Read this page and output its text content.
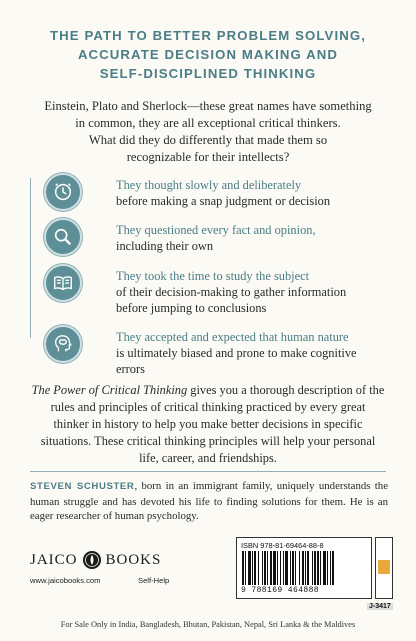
THE PATH TO BETTER PROBLEM SOLVING,
ACCURATE DECISION MAKING AND
SELF-DISCIPLINED THINKING
Einstein, Plato and Sherlock—these great names have something
in common, they are all exceptional critical thinkers.
What did they do differently that made them so
recognizable for their intellects?
They thought slowly and deliberately
before making a snap judgment or decision
They questioned every fact and opinion,
including their own
They took the time to study the subject
of their decision-making to gather information
before jumping to conclusions
They accepted and expected that human nature
is ultimately biased and prone to make cognitive errors
The Power of Critical Thinking gives you a thorough description of the
rules and principles of critical thinking practiced by every great
thinker in history to help you make better decisions in specific
situations. These critical thinking principles will help your personal
life, career, and friendships.
STEVEN SCHUSTER, born in an immigrant family, uniquely understands the human struggle and has devoted his life to finding solutions for them. He is an eager researcher of human psychology.
JAICO BOOKS
www.jaicobooks.com	Self-Help
ISBN 978-81-69464-88-8
9 788169 464888
J-3417
For Sale Only in India, Bangladesh, Bhutan, Pakistan, Nepal, Sri Lanka & the Maldives
